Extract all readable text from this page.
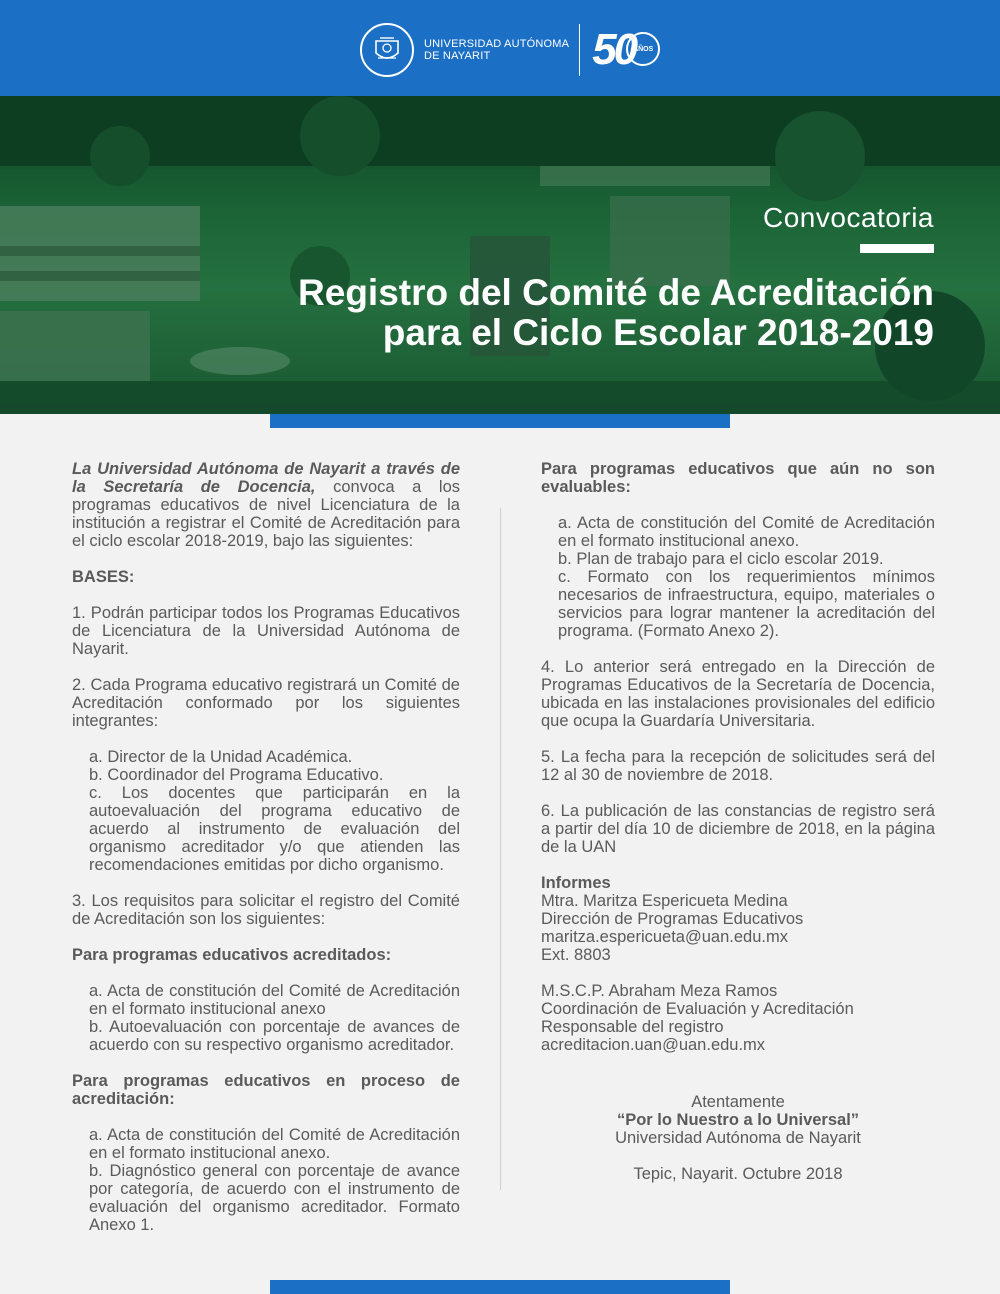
UNIVERSIDAD AUTÓNOMA
DE NAYARIT	50
AÑOS
Convocatoria
Registro del Comité de Acreditación
para el Ciclo Escolar 2018-2019

La Universidad Autónoma de Nayarit a través de la Secretaría de Docencia, convoca a los programas educativos de nivel Licenciatura de la institución a registrar el Comité de Acreditación para el ciclo escolar 2018-2019, bajo las siguientes:

BASES:

1. Podrán participar todos los Programas Educativos de Licenciatura de la Universidad Autónoma de Nayarit.

2. Cada Programa educativo registrará un Comité de Acreditación conformado por los siguientes integrantes:

a. Director de la Unidad Académica.

b. Coordinador del Programa Educativo.

c. Los docentes que participarán en la autoevaluación del programa educativo de acuerdo al instrumento de evaluación del organismo acreditador y/o que atienden las recomendaciones emitidas por dicho organismo.

3. Los requisitos para solicitar el registro del Comité de Acreditación son los siguientes:

Para programas educativos acreditados:

a. Acta de constitución del Comité de Acreditación en el formato institucional anexo

b. Autoevaluación con porcentaje de avances de acuerdo con su respectivo organismo acreditador.

Para programas educativos en proceso de acreditación:

a. Acta de constitución del Comité de Acreditación en el formato institucional anexo.

b. Diagnóstico general con porcentaje de avance por categoría, de acuerdo con el instrumento de evaluación del organismo acreditador. Formato Anexo 1.

Para programas educativos que aún no son evaluables:

a. Acta de constitución del Comité de Acreditación en el formato institucional anexo.

b. Plan de trabajo para el ciclo escolar 2019.

c. Formato con los requerimientos mínimos necesarios de infraestructura, equipo, materiales o servicios para lograr mantener la acreditación del programa. (Formato Anexo 2).

4. Lo anterior será entregado en la Dirección de Programas Educativos de la Secretaría de Docencia, ubicada en las instalaciones provisionales del edificio que ocupa la Guardaría Universitaria.

5. La fecha para la recepción de solicitudes será del 12 al 30 de noviembre de 2018.

6. La publicación de las constancias de registro será a partir del día 10 de diciembre de 2018, en la página de la UAN

Informes

Mtra. Maritza Espericueta Medina

Dirección de Programas Educativos

maritza.espericueta@uan.edu.mx

Ext. 8803

M.S.C.P. Abraham Meza Ramos

Coordinación de Evaluación y Acreditación

Responsable del registro

acreditacion.uan@uan.edu.mx

Atentamente

“Por lo Nuestro a lo Universal”

Universidad Autónoma de Nayarit

Tepic, Nayarit. Octubre 2018
